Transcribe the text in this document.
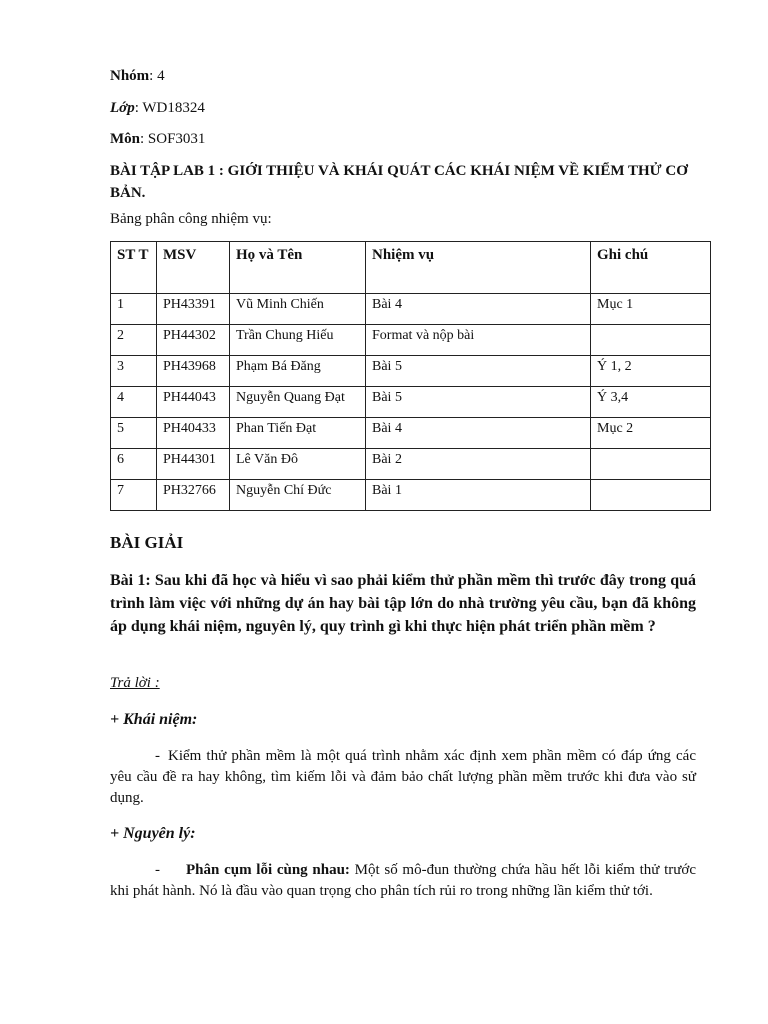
Nhóm: 4
Lớp: WD18324
Môn: SOF3031
BÀI TẬP LAB 1 : GIỚI THIỆU VÀ KHÁI QUÁT CÁC KHÁI NIỆM VỀ KIỂM THỬ CƠ BẢN.
Bảng phân công nhiệm vụ:
ST T	MSV	Họ và Tên	Nhiệm vụ	Ghi chú
1	PH43391	Vũ Minh Chiến	Bài 4	Mục 1
2	PH44302	Trần Chung Hiếu	Format và nộp bài	
3	PH43968	Phạm Bá Đăng	Bài 5	Ý 1, 2
4	PH44043	Nguyễn Quang Đạt	Bài 5	Ý 3,4
5	PH40433	Phan Tiến Đạt	Bài 4	Mục 2
6	PH44301	Lê Văn Đô	Bài 2	
7	PH32766	Nguyễn Chí Đức	Bài 1	
BÀI GIẢI
Bài 1: Sau khi đã học và hiểu vì sao phải kiểm thử phần mềm thì trước đây trong quá trình làm việc với những dự án hay bài tập lớn do nhà trường yêu cầu, bạn đã không áp dụng khái niệm, nguyên lý, quy trình gì khi thực hiện phát triển phần mềm ?
Trả lời :
+ Khái niệm:
- Kiểm thử phần mềm là một quá trình nhằm xác định xem phần mềm có đáp ứng các yêu cầu đề ra hay không, tìm kiếm lỗi và đảm bảo chất lượng phần mềm trước khi đưa vào sử dụng.
+ Nguyên lý:
- Phân cụm lỗi cùng nhau: Một số mô-đun thường chứa hầu hết lỗi kiểm thử trước khi phát hành. Nó là đầu vào quan trọng cho phân tích rủi ro trong những lần kiểm thử tới.
